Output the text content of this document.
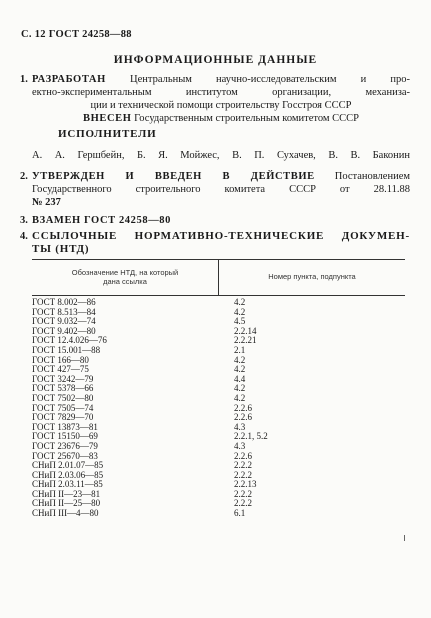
С. 12 ГОСТ 24258—88
ИНФОРМАЦИОННЫЕ ДАННЫЕ
1. РАЗРАБОТАН Центральным научно-исследовательским и про-
ектно-экспериментальным институтом организации, механиза-
ции и технической помощи строительству Госстроя СССР
ВНЕСЕН Государственным строительным комитетом СССР
ИСПОЛНИТЕЛИ
А. А. Гершбейн, Б. Я. Мойжес, В. П. Сухачев, В. В. Баконин
2. УТВЕРЖДЕН И ВВЕДЕН В ДЕЙСТВИЕ Постановлением
Государственного строительного комитета СССР от 28.11.88
№ 237
3. ВЗАМЕН ГОСТ 24258—80
4. ССЫЛОЧНЫЕ НОРМАТИВНО-ТЕХНИЧЕСКИЕ ДОКУМЕН-
ТЫ (НТД)
Обозначение НТД, на который
дана ссылка
Номер пункта, подпункта
ГОСТ 8.002—86	4.2
ГОСТ 8.513—84	4.2
ГОСТ 9.032—74	4.5
ГОСТ 9.402—80	2.2.14
ГОСТ 12.4.026—76	2.2.21
ГОСТ 15.001—88	2.1
ГОСТ 166—80	4.2
ГОСТ 427—75	4.2
ГОСТ 3242—79	4.4
ГОСТ 5378—66	4.2
ГОСТ 7502—80	4.2
ГОСТ 7505—74	2.2.6
ГОСТ 7829—70	2.2.6
ГОСТ 13873—81	4.3
ГОСТ 15150—69	2.2.1, 5.2
ГОСТ 23676—79	4.3
ГОСТ 25670—83	2.2.6
СНиП 2.01.07—85	2.2.2
СНиП 2.03.06—85	2.2.2
СНиП 2.03.11—85	2.2.13
СНиП II—23—81	2.2.2
СНиП II—25—80	2.2.2
СНиП III—4—80	6.1
